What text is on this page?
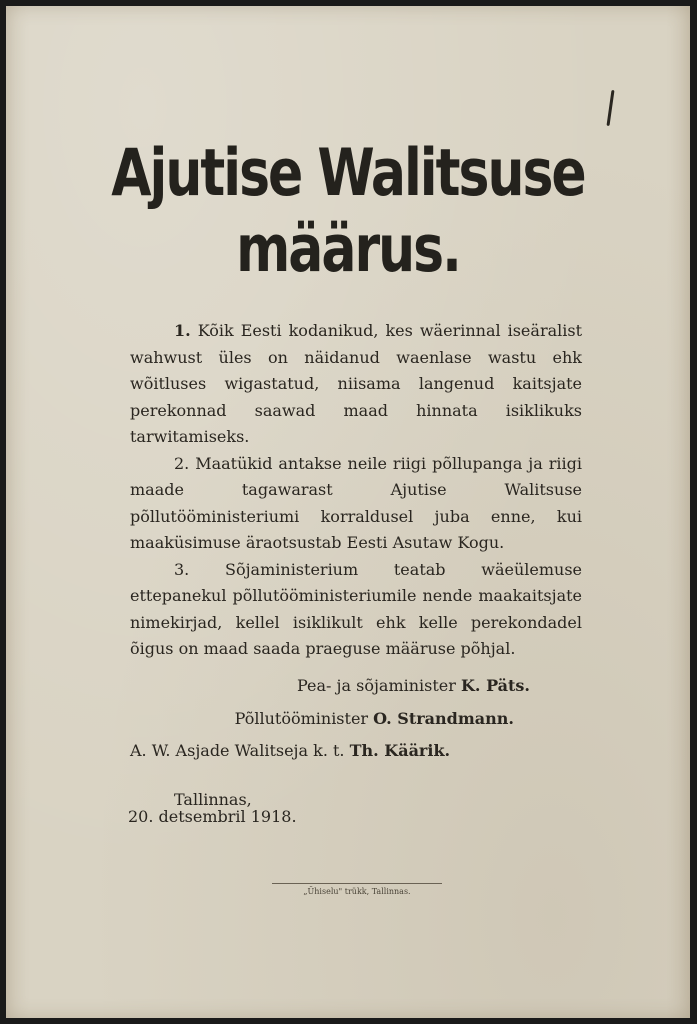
Ajutise Walitsuse
määrus.

1. Kõik Eesti kodanikud, kes wäerinnal iseäralist wahwust üles on näidanud waenlase wastu ehk wõitluses wigastatud, niisama langenud kaitsjate perekonnad saawad maad hinnata isiklikuks tarwitamiseks.

2. Maatükid antakse neile riigi põllupanga ja riigi maade tagawarast Ajutise Walitsuse põllutööministeriumi korraldusel juba enne, kui maaküsimuse äraotsustab Eesti Asutaw Kogu.

3. Sõjaministerium teatab wäeülemuse ettepanekul põllutööministeriumile nende maakaitsjate nimekirjad, kellel isiklikult ehk kelle perekondadel õigus on maad saada praeguse määruse põhjal.

Pea- ja sõjaminister K. Päts.
Põllutööminister O. Strandmann.
A. W. Asjade Walitseja k. t. Th. Käärik.
Tallinnas,
20. detsembril 1918.
„Ühiselu" trükk, Tallinnas.
